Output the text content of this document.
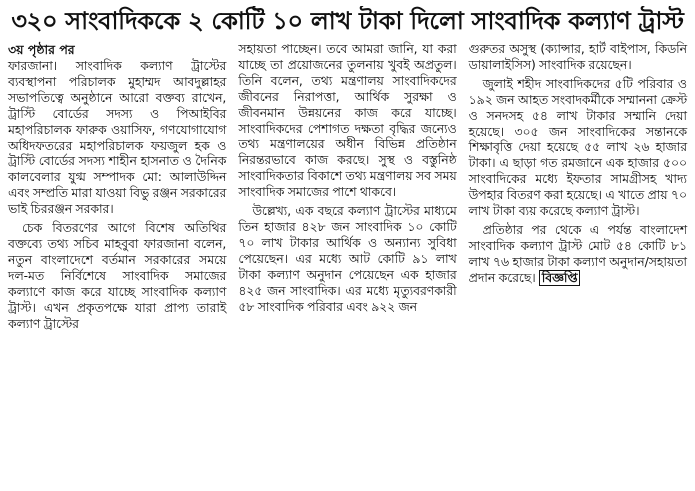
৩২০ সাংবাদিককে ২ কোটি ১০ লাখ টাকা দিলো সাংবাদিক কল্যাণ ট্রাস্ট
৩য় পৃষ্ঠার পর

ফারজানা। সাংবাদিক কল্যাণ ট্রাস্টের ব্যবস্থাপনা পরিচালক মুহাম্মদ আবদুল্লাহর সভাপতিত্বে অনুষ্ঠানে আরো বক্তব্য রাখেন, ট্রাস্টি বোর্ডের সদস্য ও পিআইবির মহাপরিচালক ফারুক ওয়াসিফ, গণযোগাযোগ অধিদফতরের মহাপরিচালক ফয়জুল হক ও ট্রাস্টি বোর্ডের সদস্য শাহীন হাসনাত ও দৈনিক কালবেলার যুগ্ম সম্পাদক মো: আলাউদ্দিন এবং সম্প্রতি মারা যাওয়া বিভু রঞ্জন সরকারের ভাই চিররঞ্জন সরকার।

চেক বিতরণের আগে বিশেষ অতিথির বক্তব্যে তথ্য সচিব মাহবুবা ফারজানা বলেন, নতুন বাংলাদেশে বর্তমান সরকারের সময়ে দল-মত নির্বিশেষে সাংবাদিক সমাজের কল্যাণে কাজ করে যাচ্ছে সাংবাদিক কল্যাণ ট্রাস্ট। এখন প্রকৃতপক্ষে যারা প্রাপ্য তারাই কল্যাণ ট্রাস্টের

সহায়তা পাচ্ছেন। তবে আমরা জানি, যা করা যাচ্ছে তা প্রয়োজনের তুলনায় খুবই অপ্রতুল। তিনি বলেন, তথ্য মন্ত্রণালয় সাংবাদিকদের জীবনের নিরাপত্তা, আর্থিক সুরক্ষা ও জীবনমান উন্নয়নের কাজ করে যাচ্ছে। সাংবাদিকদের পেশাগত দক্ষতা বৃদ্ধির জন্যেও তথ্য মন্ত্রণালয়ের অধীন বিভিন্ন প্রতিষ্ঠান নিরন্তরভাবে কাজ করছে। সুস্থ ও বস্তুনিষ্ঠ সাংবাদিকতার বিকাশে তথ্য মন্ত্রণালয় সব সময় সাংবাদিক সমাজের পাশে থাকবে।

উল্লেখ্য, এক বছরে কল্যাণ ট্রাস্টের মাধ্যমে তিন হাজার ৪২৮ জন সাংবাদিক ১০ কোটি ৭০ লাখ টাকার আর্থিক ও অন্যান্য সুবিধা পেয়েছেন। এর মধ্যে আট কোটি ৯১ লাখ টাকা কল্যাণ অনুদান পেয়েছেন এক হাজার ৪২৫ জন সাংবাদিক। এর মধ্যে মৃত্যুবরণকারী ৫৮ সাংবাদিক পরিবার এবং ৯২২ জন

গুরুতর অসুস্থ (ক্যান্সার, হার্ট বাইপাস, কিডনি ডায়ালাইসিস) সাংবাদিক রয়েছেন।

জুলাই শহীদ সাংবাদিকদের ৫টি পরিবার ও ১৯২ জন আহত সংবাদকর্মীকে সম্মাননা ক্রেস্ট ও সনদসহ ৫৪ লাখ টাকার সম্মানি দেয়া হয়েছে। ৩০৫ জন সাংবাদিকের সন্তানকে শিক্ষাবৃত্তি দেয়া হয়েছে ৫৫ লাখ ২৬ হাজার টাকা। এ ছাড়া গত রমজানে এক হাজার ৫০০ সাংবাদিকের মধ্যে ইফতার সামগ্রীসহ খাদ্য উপহার বিতরণ করা হয়েছে। এ খাতে প্রায় ৭০ লাখ টাকা ব্যয় করেছে কল্যাণ ট্রাস্ট।

প্রতিষ্ঠার পর থেকে এ পর্যন্ত বাংলাদেশ সাংবাদিক কল্যাণ ট্রাস্ট মোট ৫৪ কোটি ৮১ লাখ ৭৬ হাজার টাকা কল্যাণ অনুদান/সহায়তা প্রদান করেছে। বিজ্ঞপ্তি
